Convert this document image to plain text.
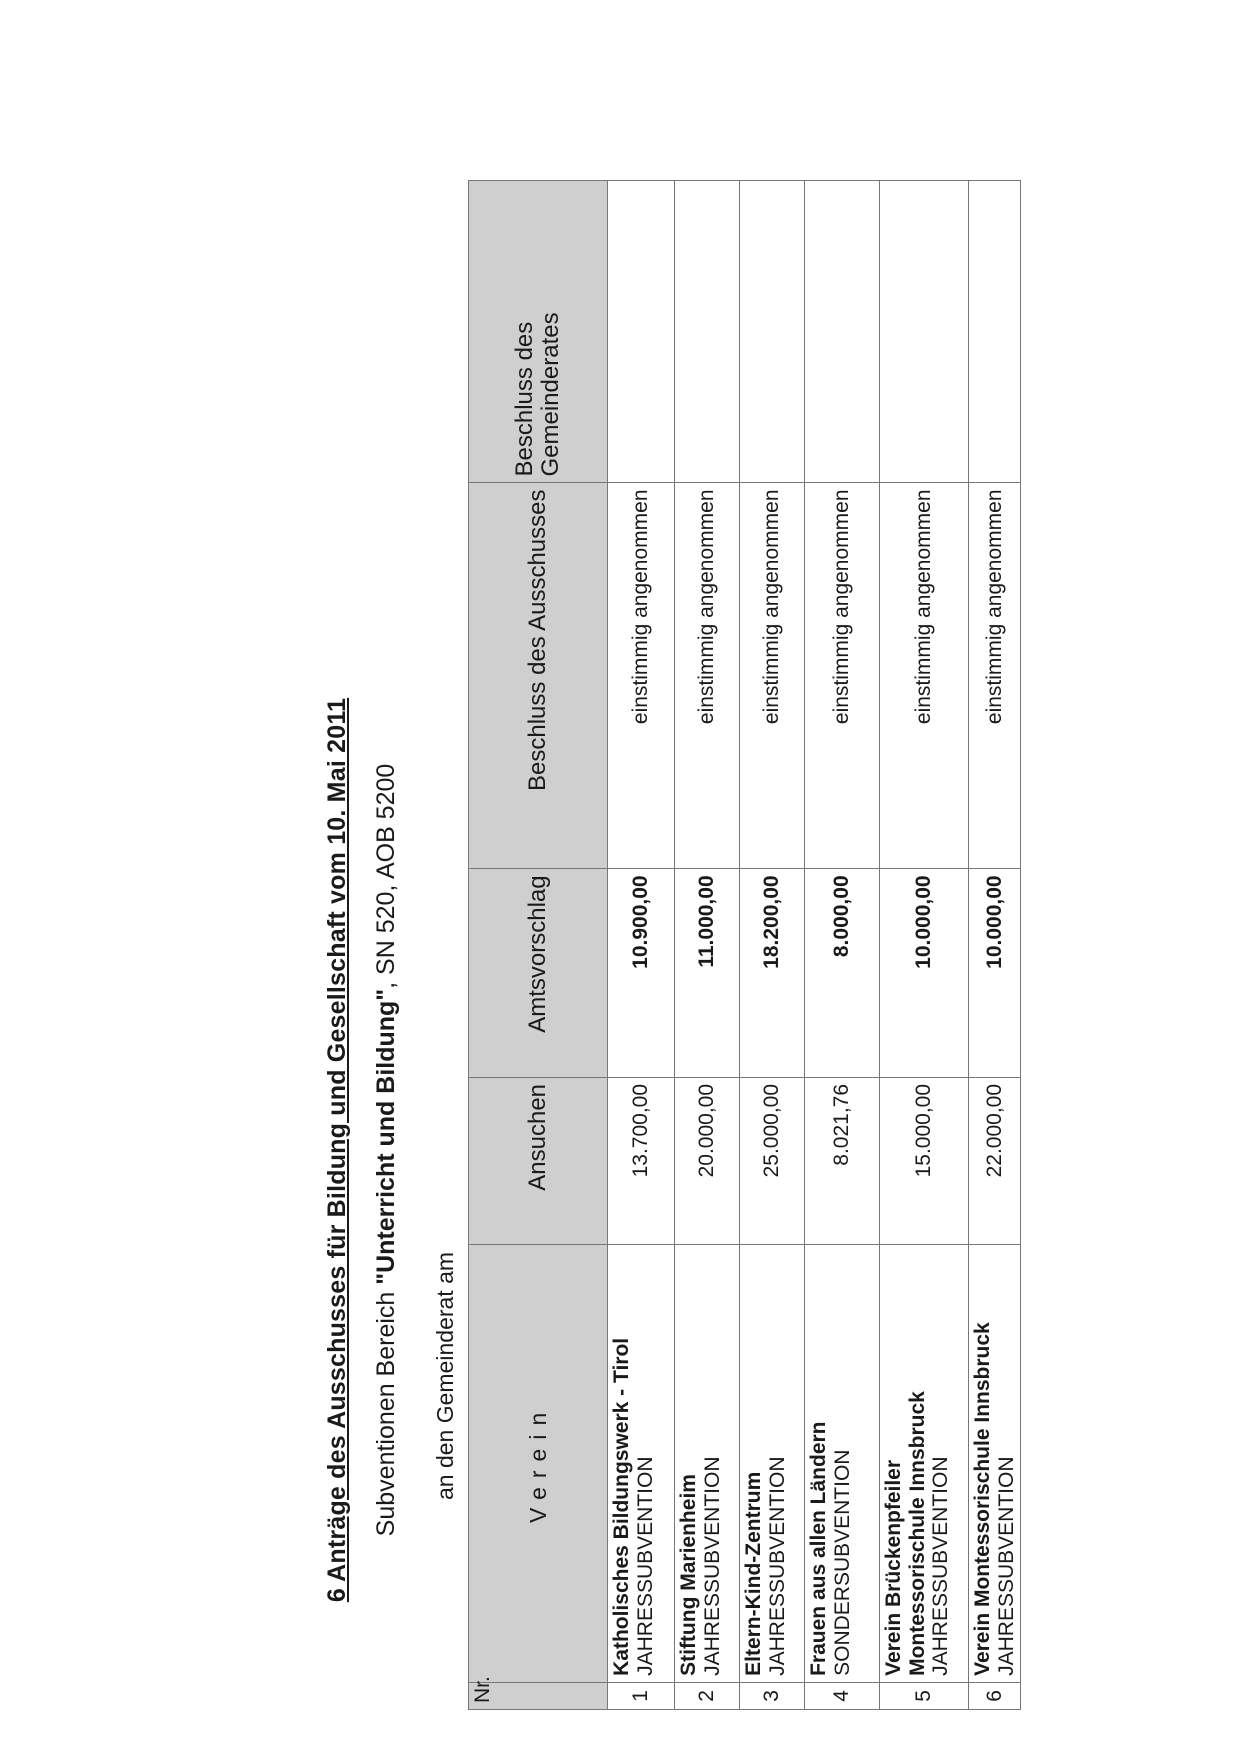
6 Anträge des Ausschusses für Bildung und Gesellschaft vom 10. Mai 2011 Subventionen Bereich "Unterricht und Bildung", SN 520, AOB 5200
an den Gemeinderat am
Nr.	Verein	Ansuchen	Amtsvorschlag	Beschluss des Ausschusses	Beschluss des
Gemeinderates
1	Katholisches Bildungswerk - Tirol JAHRESSUBVENTION	13.700,00	10.900,00	einstimmig angenommen	
2	Stiftung Marienheim JAHRESSUBVENTION	20.000,00	11.000,00	einstimmig angenommen	
3	Eltern-Kind-Zentrum JAHRESSUBVENTION	25.000,00	18.200,00	einstimmig angenommen	
4	Frauen aus allen Ländern SONDERSUBVENTION	8.021,76	8.000,00	einstimmig angenommen	
5	Verein Brückenpfeiler Montessorischule Innsbruck JAHRESSUBVENTION	15.000,00	10.000,00	einstimmig angenommen	
6	Verein Montessorischule Innsbruck JAHRESSUBVENTION	22.000,00	10.000,00	einstimmig angenommen	
